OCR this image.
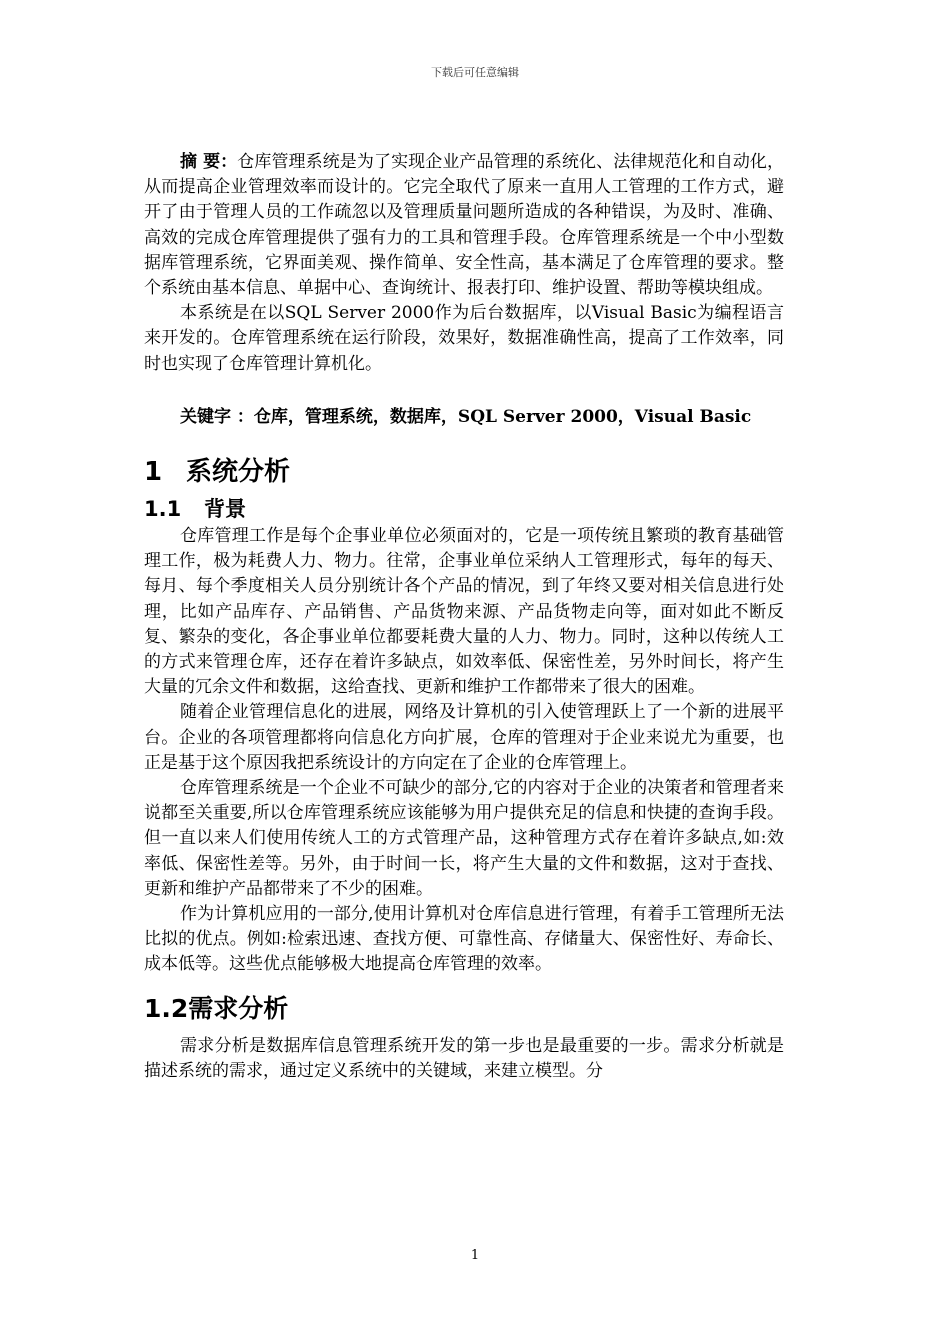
下载后可任意编辑

摘 要：仓库管理系统是为了实现企业产品管理的系统化、法律规范化和自动化，从而提高企业管理效率而设计的。它完全取代了原来一直用人工管理的工作方式，避开了由于管理人员的工作疏忽以及管理质量问题所造成的各种错误，为及时、准确、高效的完成仓库管理提供了强有力的工具和管理手段。仓库管理系统是一个中小型数据库管理系统，它界面美观、操作简单、安全性高，基本满足了仓库管理的要求。整个系统由基本信息、单据中心、查询统计、报表打印、维护设置、帮助等模块组成。

本系统是在以SQL Server 2000作为后台数据库，以Visual Basic为编程语言来开发的。仓库管理系统在运行阶段，效果好，数据准确性高，提高了工作效率，同时也实现了仓库管理计算机化。

关键字 ：仓库，管理系统，数据库，SQL Server 2000，Visual Basic

1 系统分析
1.1 背景

仓库管理工作是每个企事业单位必须面对的，它是一项传统且繁琐的教育基础管理工作，极为耗费人力、物力。往常，企事业单位采纳人工管理形式，每年的每天、每月、每个季度相关人员分别统计各个产品的情况，到了年终又要对相关信息进行处理，比如产品库存、产品销售、产品货物来源、产品货物走向等，面对如此不断反复、繁杂的变化，各企事业单位都要耗费大量的人力、物力。同时，这种以传统人工的方式来管理仓库，还存在着许多缺点，如效率低、保密性差，另外时间长，将产生大量的冗余文件和数据，这给查找、更新和维护工作都带来了很大的困难。

随着企业管理信息化的进展，网络及计算机的引入使管理跃上了一个新的进展平台。企业的各项管理都将向信息化方向扩展，仓库的管理对于企业来说尤为重要，也正是基于这个原因我把系统设计的方向定在了企业的仓库管理上。

仓库管理系统是一个企业不可缺少的部分,它的内容对于企业的决策者和管理者来说都至关重要,所以仓库管理系统应该能够为用户提供充足的信息和快捷的查询手段。但一直以来人们使用传统人工的方式管理产品，这种管理方式存在着许多缺点,如:效率低、保密性差等。另外，由于时间一长，将产生大量的文件和数据，这对于查找、更新和维护产品都带来了不少的困难。

作为计算机应用的一部分,使用计算机对仓库信息进行管理，有着手工管理所无法比拟的优点。例如:检索迅速、查找方便、可靠性高、存储量大、保密性好、寿命长、成本低等。这些优点能够极大地提高仓库管理的效率。

1.2需求分析

需求分析是数据库信息管理系统开发的第一步也是最重要的一步。需求分析就是描述系统的需求，通过定义系统中的关键域，来建立模型。分

1
